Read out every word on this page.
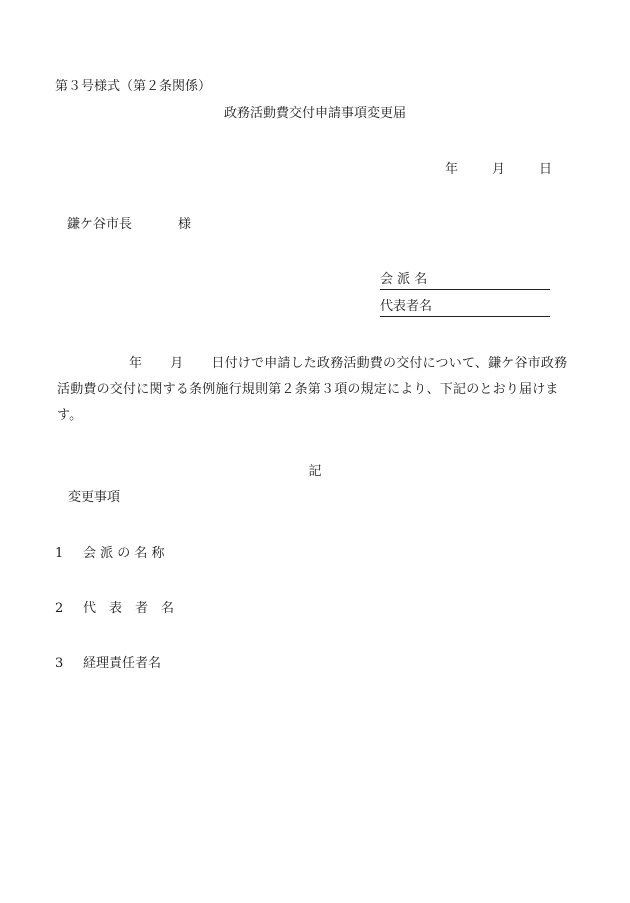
第３号様式（第２条関係）
政務活動費交付申請事項変更届
年	月	日
鎌ケ谷市長	様
会 派 名
代表者名
年 月 日付けで申請した政務活動費の交付について、鎌ケ谷市政務活動費の交付に関する条例施行規則第２条第３項の規定により、下記のとおり届けます。
記
変更事項
1 会 派 の 名 称
2 代　表　者　名
3 経理責任者名
